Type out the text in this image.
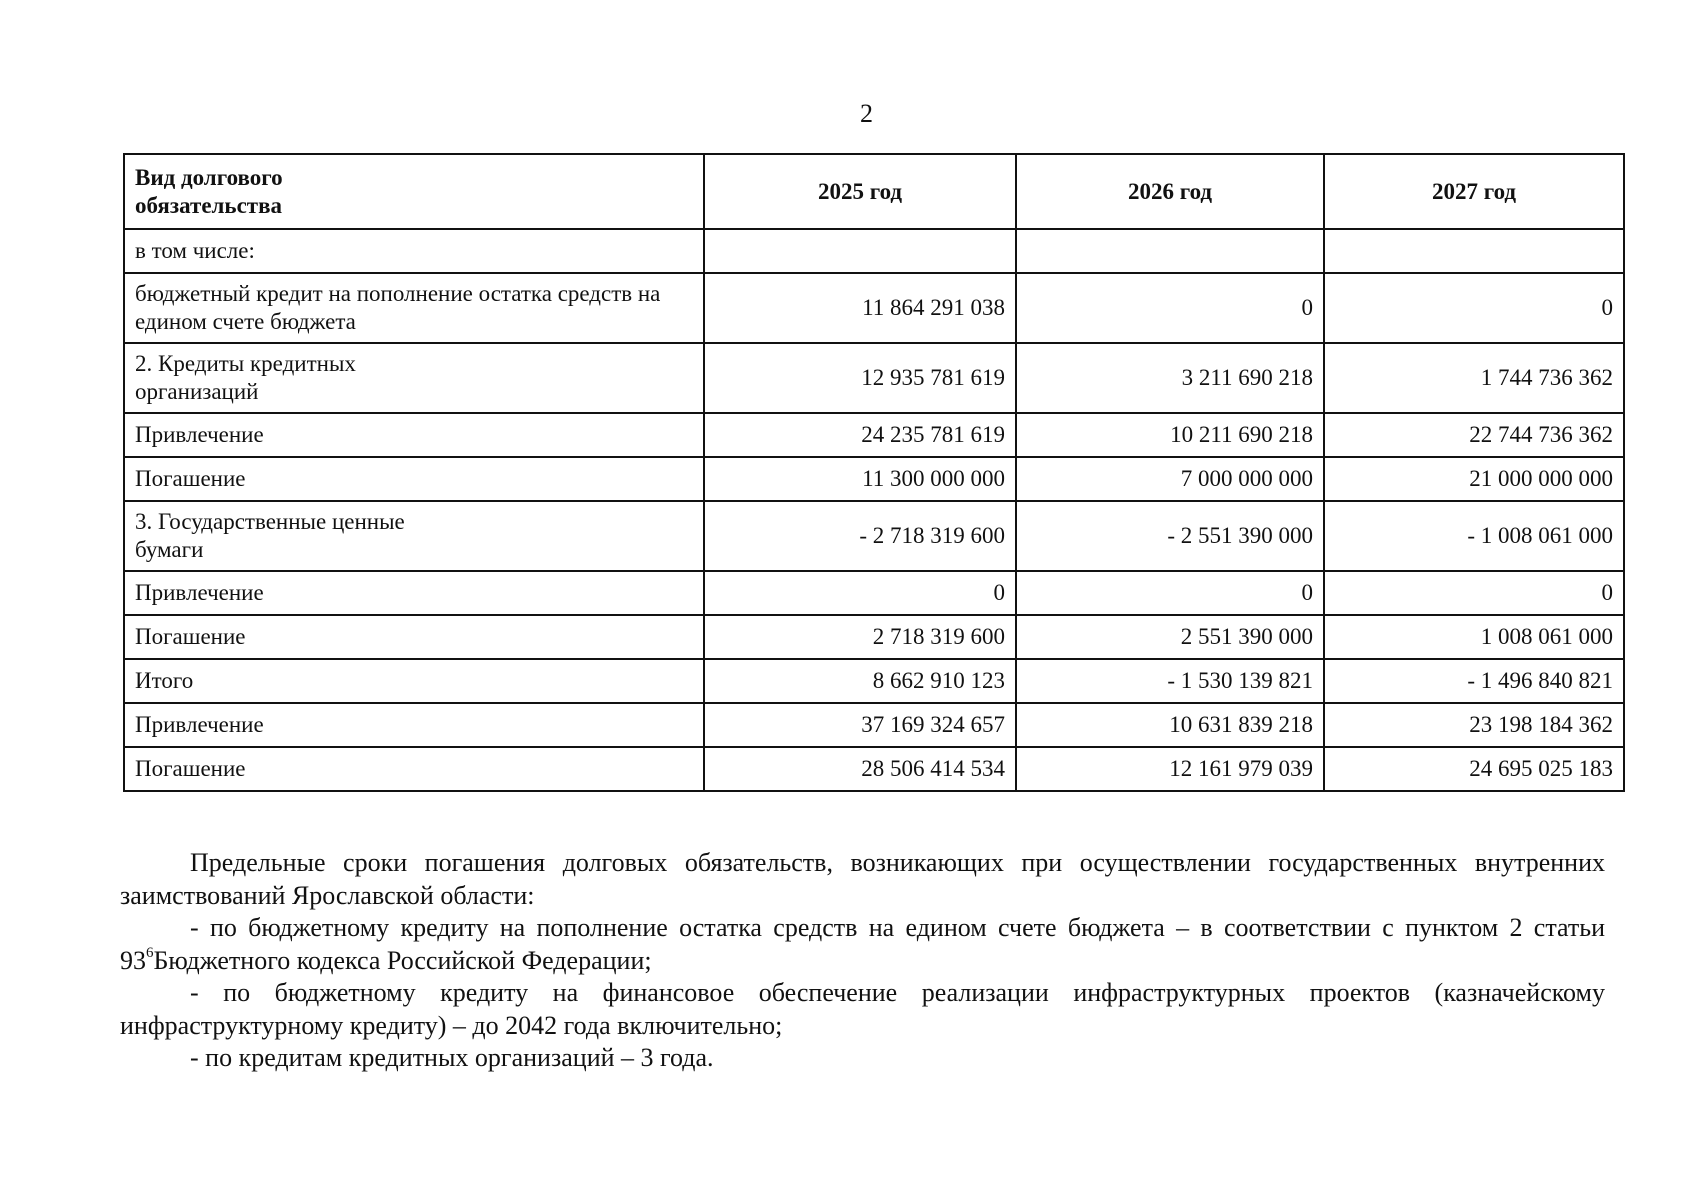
2
Вид долгового
обязательства	2025 год	2026 год	2027 год
в том числе:			
бюджетный кредит на пополнение остатка средств на
едином счете бюджета	11 864 291 038	0	0
2. Кредиты кредитных
организаций	12 935 781 619	3 211 690 218	1 744 736 362
Привлечение	24 235 781 619	10 211 690 218	22 744 736 362
Погашение	11 300 000 000	7 000 000 000	21 000 000 000
3. Государственные ценные
бумаги	- 2 718 319 600	- 2 551 390 000	- 1 008 061 000
Привлечение	0	0	0
Погашение	2 718 319 600	2 551 390 000	1 008 061 000
Итого	8 662 910 123	- 1 530 139 821	- 1 496 840 821
Привлечение	37 169 324 657	10 631 839 218	23 198 184 362
Погашение	28 506 414 534	12 161 979 039	24 695 025 183

Предельные сроки погашения долговых обязательств, возникающих при осуществлении государственных внутренних заимствований Ярославской области:

- по бюджетному кредиту на пополнение остатка средств на едином счете бюджета – в соответствии с пунктом 2 статьи $93^6Бюджетного$ кодекса Российской Федерации;

- по бюджетному кредиту на финансовое обеспечение реализации инфраструктурных проектов (казначейскому инфраструктурному кредиту) – до 2042 года включительно;

- по кредитам кредитных организаций – 3 года.
